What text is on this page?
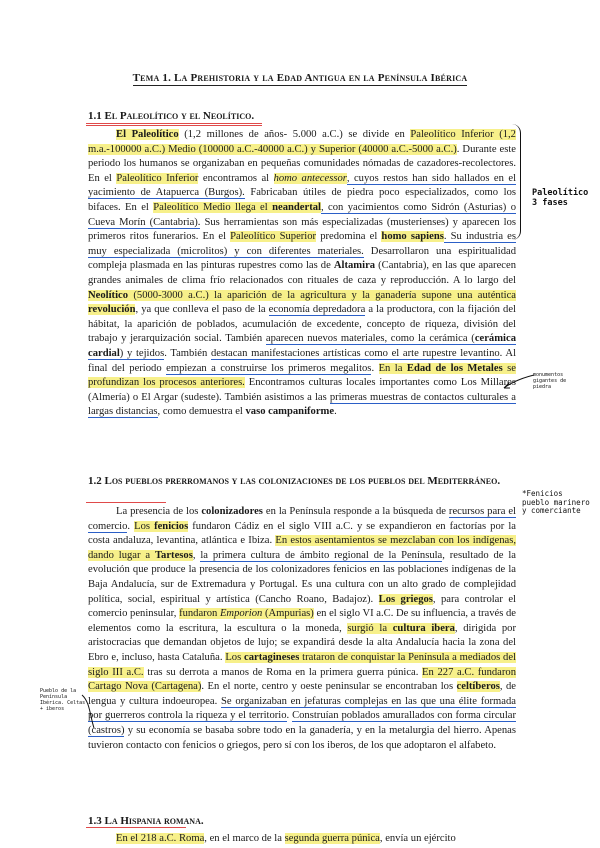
Tema 1. La Prehistoria y la Edad Antigua en la Península Ibérica
1.1 El Paleolítico y el Neolítico.
El Paleolítico (1,2 millones de años- 5.000 a.C.) se divide en Paleolítico Inferior (1,2 m.a.-100000 a.C.) Medio (100000 a.C.-40000 a.C.) y Superior (40000 a.C.-5000 a.C.). Durante este periodo los humanos se organizaban en pequeñas comunidades nómadas de cazadores-recolectores. En el Paleolítico Inferior encontramos al homo antecessor, cuyos restos han sido hallados en el yacimiento de Atapuerca (Burgos). Fabricaban útiles de piedra poco especializados, como los bifaces. En el Paleolítico Medio llega el neandertal, con yacimientos como Sidrón (Asturias) o Cueva Morín (Cantabria). Sus herramientas son más especializadas (musterienses) y aparecen los primeros ritos funerarios. En el Paleolítico Superior predomina el homo sapiens. Su industria es muy especializada (microlitos) y con diferentes materiales. Desarrollaron una espiritualidad compleja plasmada en las pinturas rupestres como las de Altamira (Cantabria), en las que aparecen grandes animales de clima frío relacionados con rituales de caza y reproducción. A lo largo del Neolítico (5000-3000 a.C.) la aparición de la agricultura y la ganadería supone una auténtica revolución, ya que conlleva el paso de la economía depredadora a la productora, con la fijación del hábitat, la aparición de poblados, acumulación de excedente, concepto de riqueza, división del trabajo y jerarquización social. También aparecen nuevos materiales, como la cerámica (cerámica cardial) y tejidos. También destacan manifestaciones artísticas como el arte rupestre levantino. Al final del periodo empiezan a construirse los primeros megalitos. En la Edad de los Metales se profundizan los procesos anteriores. Encontramos culturas locales importantes como Los Millares (Almería) o El Argar (sudeste). También asistimos a las primeras muestras de contactos culturales a largas distancias, como demuestra el vaso campaniforme.
1.2 Los pueblos prerromanos y las colonizaciones de los pueblos del Mediterráneo.
La presencia de los colonizadores en la Península responde a la búsqueda de recursos para el comercio. Los fenicios fundaron Cádiz en el siglo VIII a.C. y se expandieron en factorías por la costa andaluza, levantina, atlántica e Ibiza. En estos asentamientos se mezclaban con los indígenas, dando lugar a Tartesos, la primera cultura de ámbito regional de la Península, resultado de la evolución que produce la presencia de los colonizadores fenicios en las poblaciones indígenas de la Baja Andalucía, sur de Extremadura y Portugal. Es una cultura con un alto grado de complejidad política, social, espiritual y artística (Cancho Roano, Badajoz). Los griegos, para controlar el comercio peninsular, fundaron Emporion (Ampurias) en el siglo VI a.C. De su influencia, a través de elementos como la escritura, la escultura o la moneda, surgió la cultura ibera, dirigida por aristocracias que demandan objetos de lujo; se expandirá desde la alta Andalucía hacia la zona del Ebro e, incluso, hasta Cataluña. Los cartagineses trataron de conquistar la Península a mediados del siglo III a.C. tras su derrota a manos de Roma en la primera guerra púnica. En 227 a.C. fundaron Cartago Nova (Cartagena). En el norte, centro y oeste peninsular se encontraban los celtíberos, de lengua y cultura indoeuropea. Se organizaban en jefaturas complejas en las que una élite formada por guerreros controla la riqueza y el territorio. Construían poblados amurallados con forma circular (castros) y su economía se basaba sobre todo en la ganadería, y en la metalurgia del hierro. Apenas tuvieron contacto con fenicios o griegos, pero sí con los iberos, de los que adoptaron el alfabeto.
1.3 La Hispania romana.
En el 218 a.C. Roma, en el marco de la segunda guerra púnica, envía un ejército
Paleolítico 3 fases
monumentos gigantes de piedra
*Fenicios pueblo marinero y comerciante
Pueblo de la Península Ibérica. Celtas + iberos
